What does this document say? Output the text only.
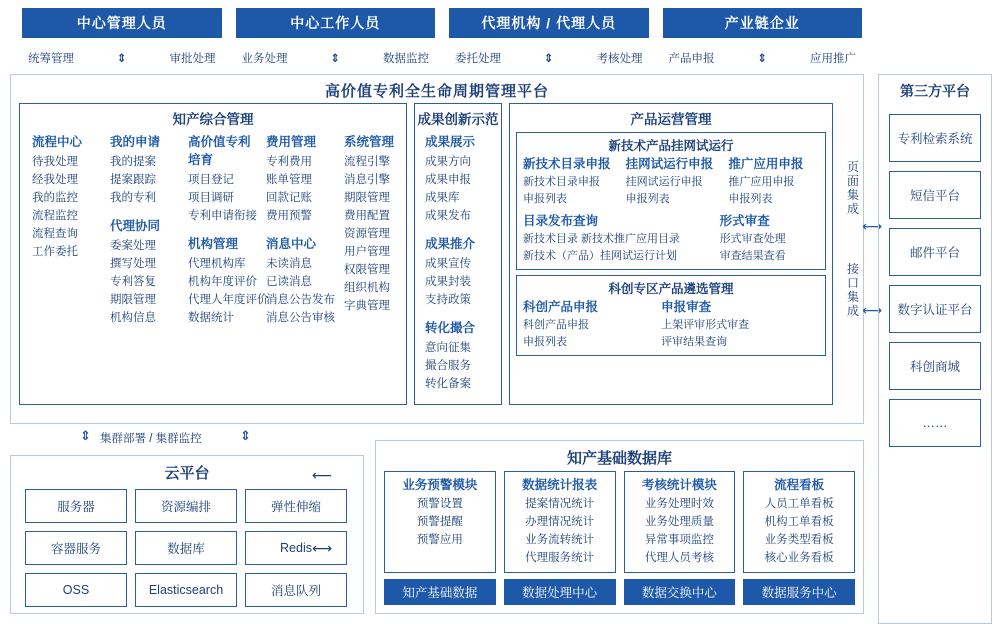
中心管理人员	中心工作人员	代理机构 / 代理人员	产业链企业
统筹管理	⇕	审批处理 业务处理	⇕	数据监控 委托处理	⇕	考核处理 产品申报	⇕	应用推广
高价值专利全生命周期管理平台
知产综合管理
流程中心
待我处理
经我处理
我的监控
流程监控
流程查询
工作委托
我的申请
我的提案
提案跟踪
我的专利
代理协同
委案处理
撰写处理
专利答复
期限管理
机构信息
高价值专利培育
项目登记
项目调研
专利申请衔接
机构管理
代理机构库
机构年度评价
代理人年度评价
数据统计
费用管理
专利费用
账单管理
回款记账
费用预警
消息中心
未读消息
已读消息
消息公告发布
消息公告审核
系统管理
流程引擎
消息引擎
期限管理
费用配置
资源管理
用户管理
权限管理
组织机构
字典管理
成果创新示范
成果展示
成果方向
成果申报
成果库
成果发布
成果推介
成果宣传
成果封装
支持政策
转化撮合
意向征集
撮合服务
转化备案
产品运营管理
新技术产品挂网试运行
新技术目录申报
新技术目录申报
申报列表
挂网试运行申报
挂网试运行申报
申报列表
推广应用申报
推广应用申报
申报列表
目录发布查询
新技术目录 新技术推广应用目录
新技术（产品）挂网试运行计划
形式审查
形式审查处理
审查结果查看
科创专区产品遴选管理
科创产品申报
科创产品申报
申报列表
申报审查
上架评审形式审查
评审结果查询
页面集成
⟷
接口集成 ⟷
第三方平台
专利检索系统
短信平台
邮件平台
数字认证平台
科创商城
……
⇕ 集群部署 / 集群监控	⇕
云平台
服务器	资源编排	弹性伸缩
容器服务	数据库	Redis
OSS	Elasticsearch	消息队列
⟵
⟷
知产基础数据库
业务预警模块
预警设置
预警提醒
预警应用
数据统计报表
提案情况统计
办理情况统计
业务流转统计
代理服务统计
考核统计模块
业务处理时效
业务处理质量
异常事项监控
代理人员考核
流程看板
人员工单看板
机构工单看板
业务类型看板
核心业务看板
知产基础数据	数据处理中心	数据交换中心	数据服务中心
